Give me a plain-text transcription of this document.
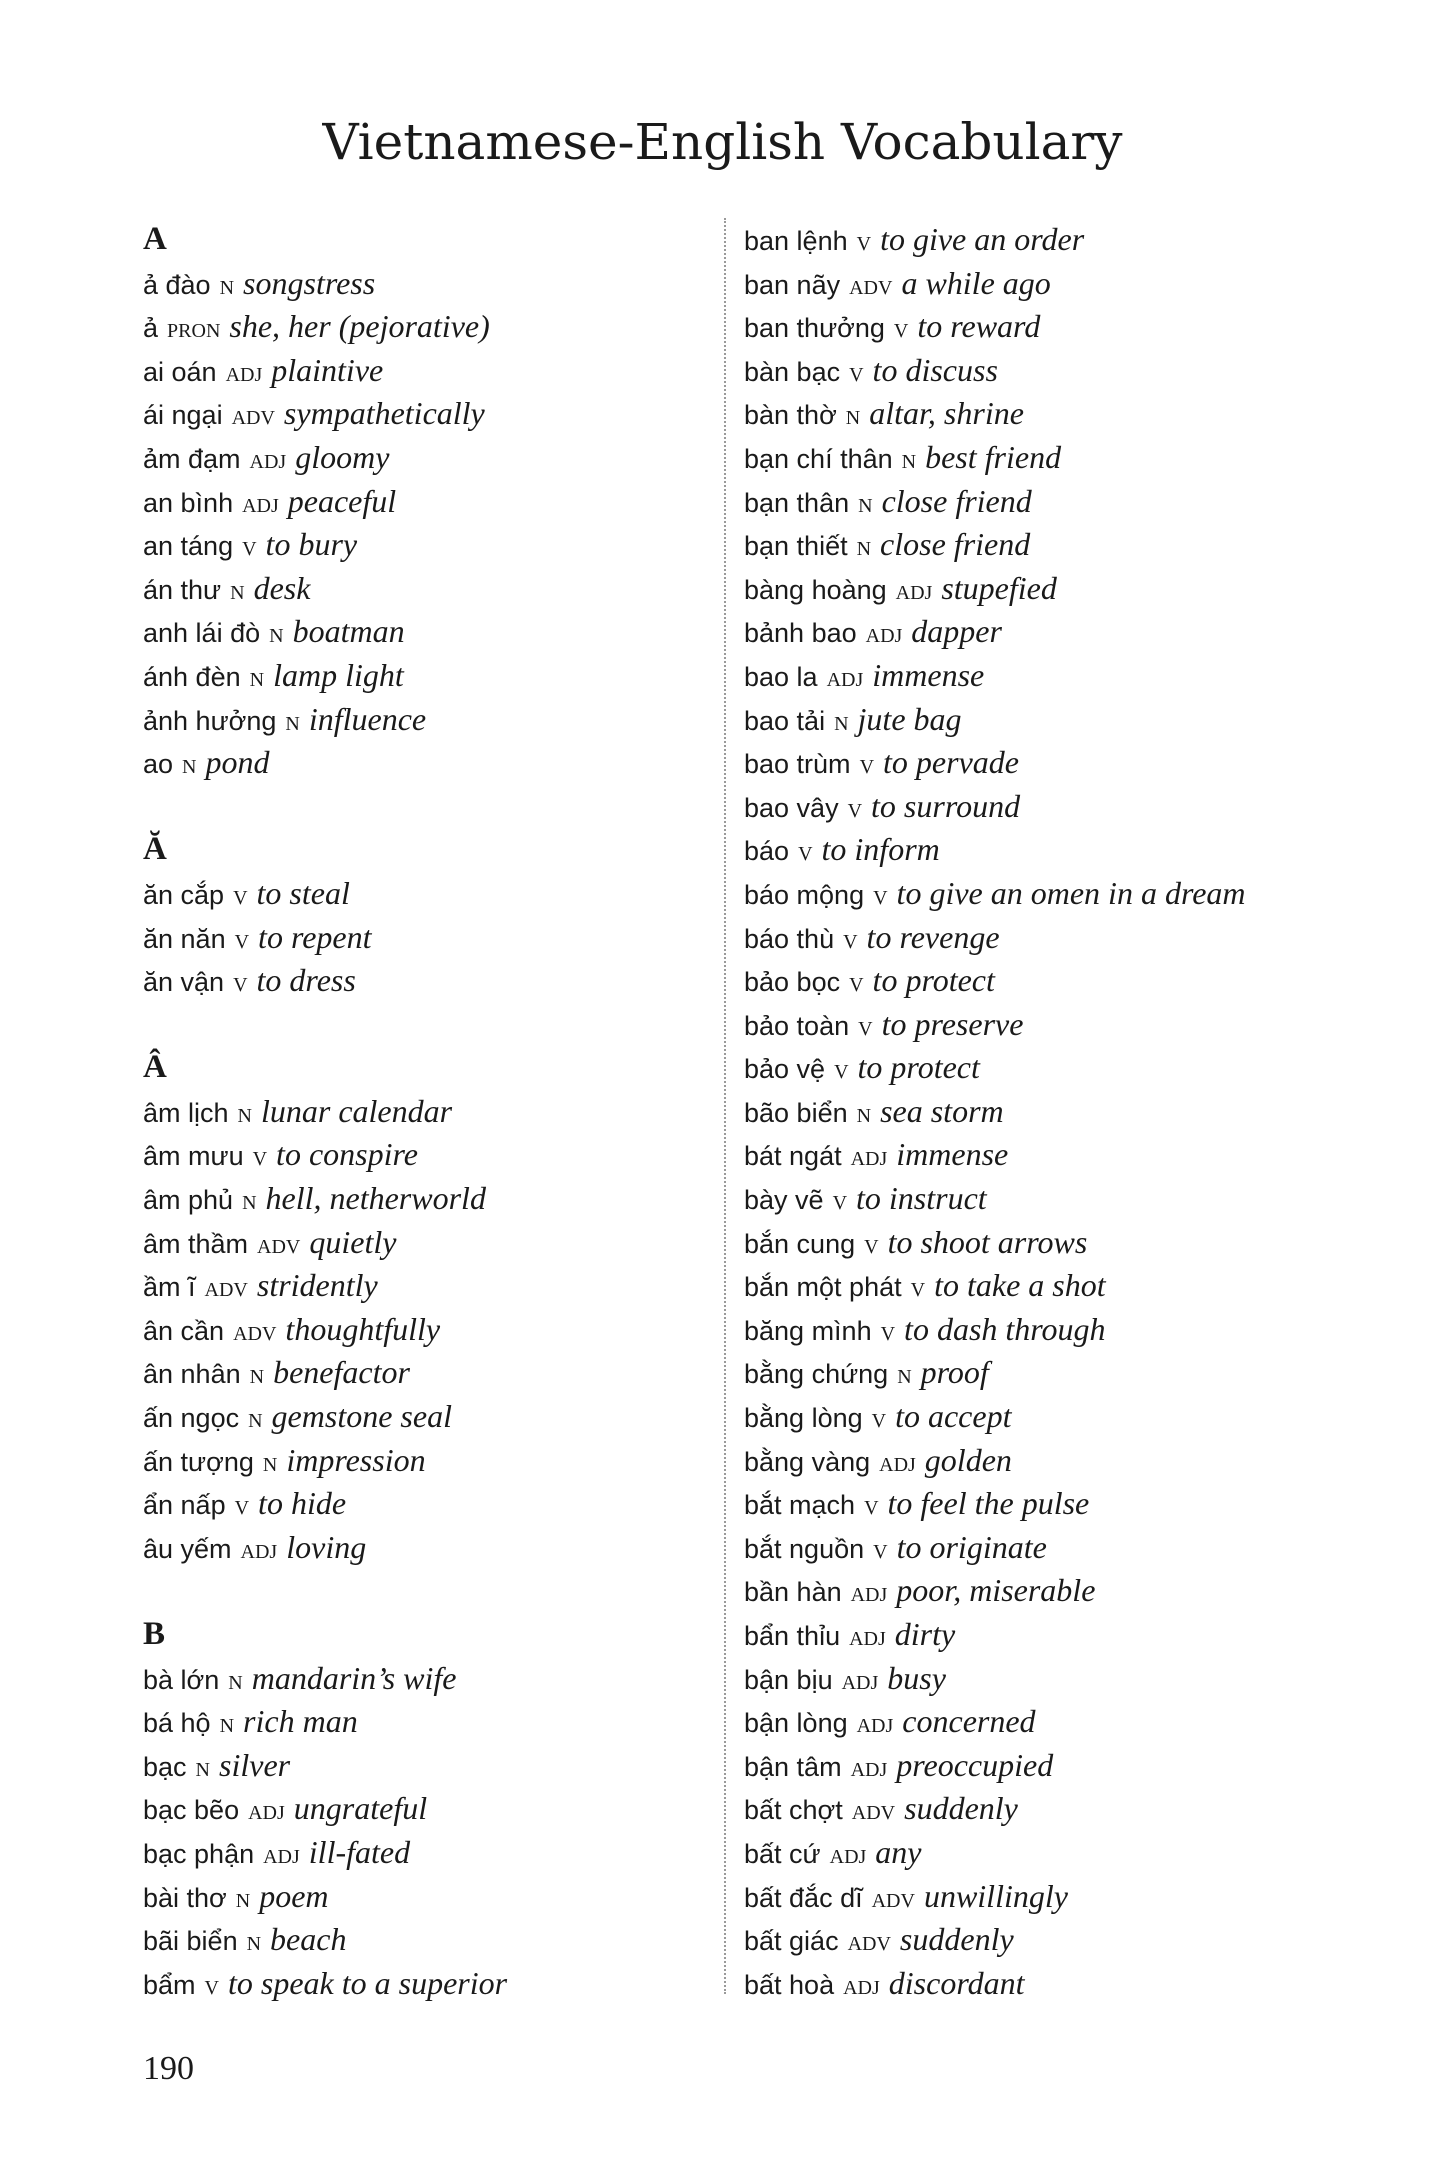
Vietnamese-English Vocabulary
A
ả đào n songstress
ả pron she, her (pejorative)
ai oán adj plaintive
ái ngại adv sympathetically
ảm đạm adj gloomy
an bình adj peaceful
an táng v to bury
án thư n desk
anh lái đò n boatman
ánh đèn n lamp light
ảnh hưởng n influence
ao n pond
Ă
ăn cắp v to steal
ăn năn v to repent
ăn vận v to dress
Â
âm lịch n lunar calendar
âm mưu v to conspire
âm phủ n hell, netherworld
âm thầm adv quietly
ầm ĩ adv stridently
ân cần adv thoughtfully
ân nhân n benefactor
ấn ngọc n gemstone seal
ấn tượng n impression
ẩn nấp v to hide
âu yếm adj loving
B
bà lớn n mandarin’s wife
bá hộ n rich man
bạc n silver
bạc bẽo adj ungrateful
bạc phận adj ill-fated
bài thơ n poem
bãi biển n beach
bẩm v to speak to a superior
ban lệnh v to give an order
ban nãy adv a while ago
ban thưởng v to reward
bàn bạc v to discuss
bàn thờ n altar, shrine
bạn chí thân n best friend
bạn thân n close friend
bạn thiết n close friend
bàng hoàng adj stupefied
bảnh bao adj dapper
bao la adj immense
bao tải n jute bag
bao trùm v to pervade
bao vây v to surround
báo v to inform
báo mộng v to give an omen in a dream
báo thù v to revenge
bảo bọc v to protect
bảo toàn v to preserve
bảo vệ v to protect
bão biển n sea storm
bát ngát adj immense
bày vẽ v to instruct
bắn cung v to shoot arrows
bắn một phát v to take a shot
băng mình v to dash through
bằng chứng n proof
bằng lòng v to accept
bằng vàng adj golden
bắt mạch v to feel the pulse
bắt nguồn v to originate
bần hàn adj poor, miserable
bẩn thỉu adj dirty
bận bịu adj busy
bận lòng adj concerned
bận tâm adj preoccupied
bất chợt adv suddenly
bất cứ adj any
bất đắc dĩ adv unwillingly
bất giác adv suddenly
bất hoà adj discordant
190
